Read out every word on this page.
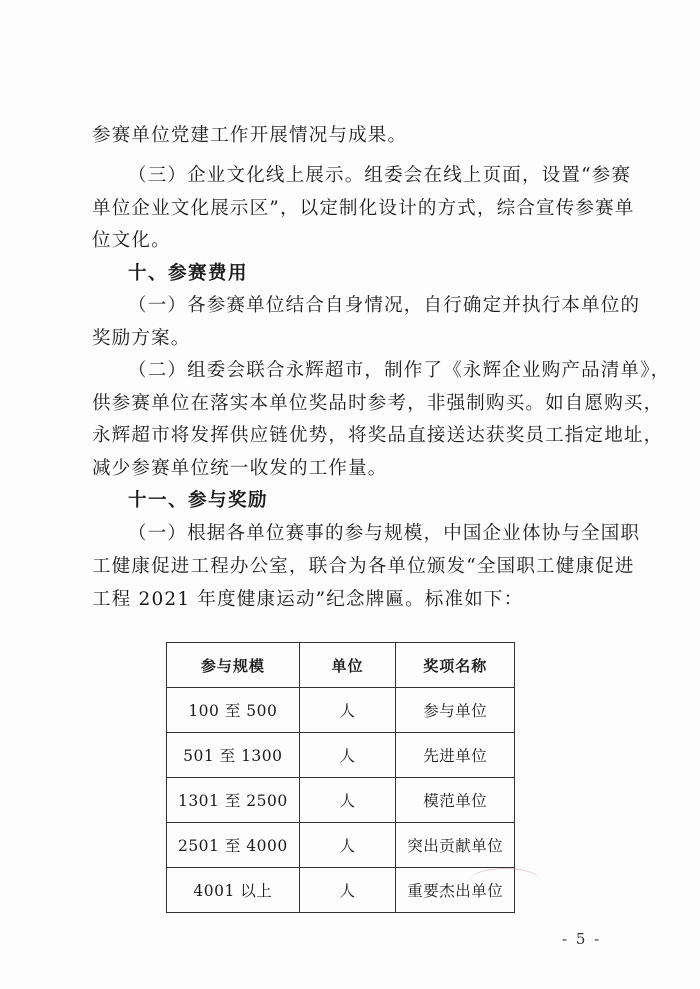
参赛单位党建工作开展情况与成果。
（三）企业文化线上展示。组委会在线上页面，设置“参赛
单位企业文化展示区”，以定制化设计的方式，综合宣传参赛单
位文化。
十、参赛费用
（一）各参赛单位结合自身情况，自行确定并执行本单位的
奖励方案。
（二）组委会联合永辉超市，制作了《永辉企业购产品清单》，
供参赛单位在落实本单位奖品时参考，非强制购买。如自愿购买，
永辉超市将发挥供应链优势，将奖品直接送达获奖员工指定地址，
减少参赛单位统一收发的工作量。
十一、参与奖励
（一）根据各单位赛事的参与规模，中国企业体协与全国职
工健康促进工程办公室，联合为各单位颁发“全国职工健康促进
工程 2021 年度健康运动”纪念牌匾。标准如下：
参与规模	单位	奖项名称
100 至 500	人	参与单位
501 至 1300	人	先进单位
1301 至 2500	人	模范单位
2501 至 4000	人	突出贡献单位
4001 以上	人	重要杰出单位
- 5 -
